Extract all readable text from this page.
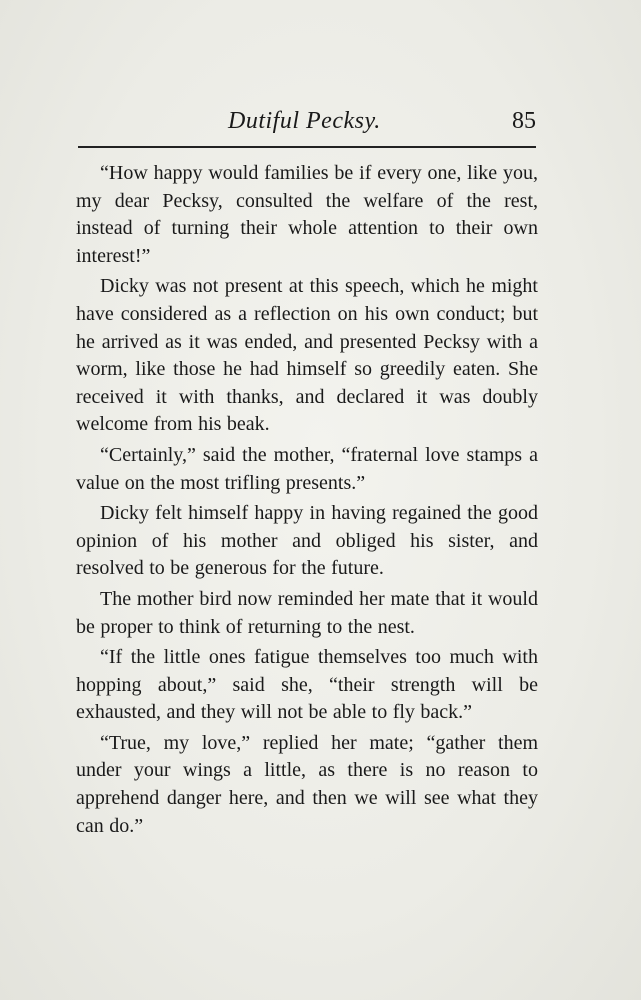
Dutiful Pecksy.	85

“How happy would families be if every one, like you, my dear Pecksy, consulted the welfare of the rest, instead of turning their whole attention to their own interest!”

Dicky was not present at this speech, which he might have considered as a reflection on his own conduct; but he arrived as it was ended, and presented Pecksy with a worm, like those he had himself so greedily eaten. She received it with thanks, and declared it was doubly welcome from his beak.

“Certainly,” said the mother, “fraternal love stamps a value on the most trifling presents.”

Dicky felt himself happy in having regained the good opinion of his mother and obliged his sister, and resolved to be generous for the future.

The mother bird now reminded her mate that it would be proper to think of returning to the nest.

“If the little ones fatigue themselves too much with hopping about,” said she, “their strength will be exhausted, and they will not be able to fly back.”

“True, my love,” replied her mate; “gather them under your wings a little, as there is no reason to apprehend danger here, and then we will see what they can do.”
